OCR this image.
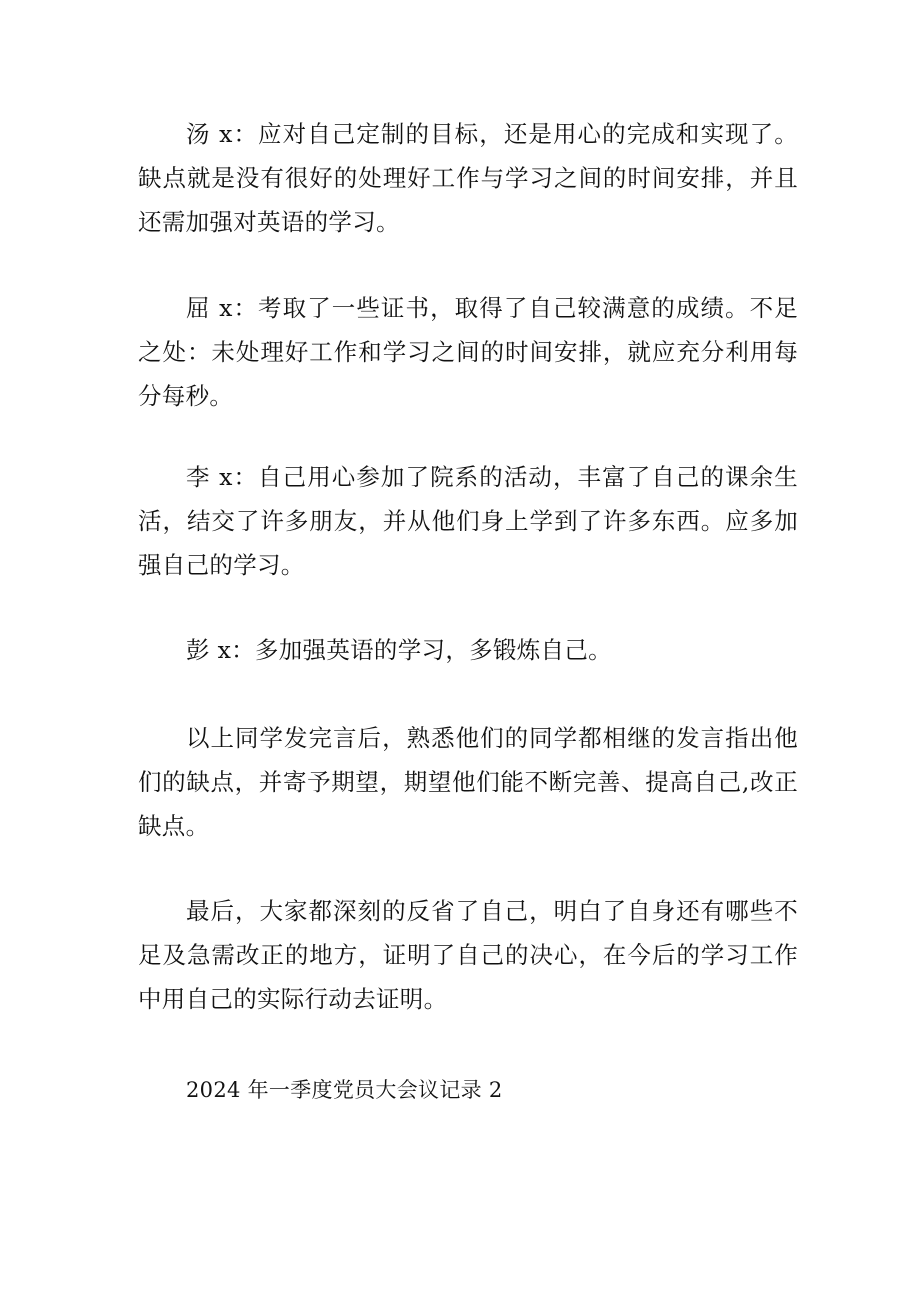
汤 x：应对自己定制的目标，还是用心的完成和实现了。缺点就是没有很好的处理好工作与学习之间的时间安排，并且还需加强对英语的学习。

屈 x：考取了一些证书，取得了自己较满意的成绩。不足之处：未处理好工作和学习之间的时间安排，就应充分利用每分每秒。

李 x：自己用心参加了院系的活动，丰富了自己的课余生活，结交了许多朋友，并从他们身上学到了许多东西。应多加强自己的学习。

彭 x：多加强英语的学习，多锻炼自己。

以上同学发完言后，熟悉他们的同学都相继的发言指出他们的缺点，并寄予期望，期望他们能不断完善、提高自己,改正缺点。

最后，大家都深刻的反省了自己，明白了自身还有哪些不足及急需改正的地方，证明了自己的决心，在今后的学习工作中用自己的实际行动去证明。

2024 年一季度党员大会议记录 2
